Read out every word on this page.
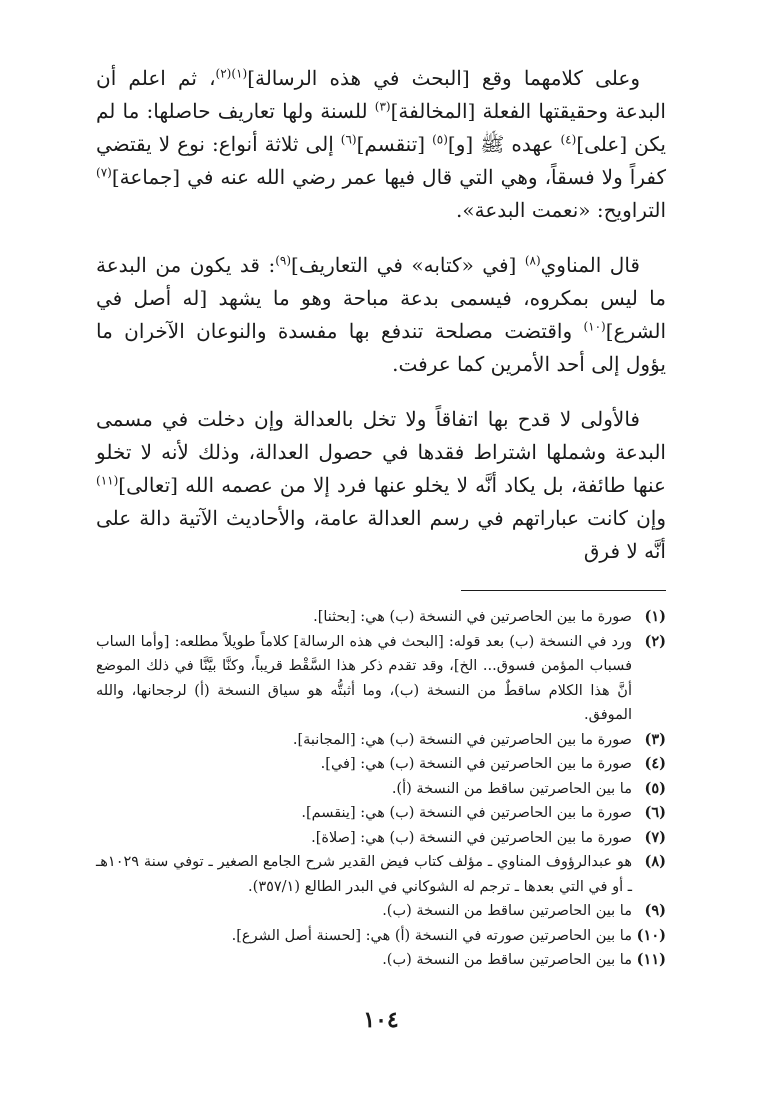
وعلى كلامهما وقع [البحث في هذه الرسالة]$^{(١)(٢)}$، ثم اعلم أن البدعة وحقيقتها الفعلة [المخالفة]$^{(٣)}$ للسنة ولها تعاريف حاصلها: ما لم يكن [على]$^{(٤)}$ عهده ﷺ [و]$^{(٥)}$ [تنقسم]$^{(٦)}$ إلى ثلاثة أنواع: نوع لا يقتضي كفراً ولا فسقاً، وهي التي قال فيها عمر رضي الله عنه في [جماعة]$^{(٧)}$ التراويح: «نعمت البدعة».

قال المناوي$^{(٨)}$ [في «كتابه» في التعاريف]$^{(٩)}$: قد يكون من البدعة ما ليس بمكروه، فيسمى بدعة مباحة وهو ما يشهد [له أصل في الشرع]$^{(١٠)}$ واقتضت مصلحة تندفع بها مفسدة والنوعان الآخران ما يؤول إلى أحد الأمرين كما عرفت.

فالأولى لا قدح بها اتفاقاً ولا تخل بالعدالة وإن دخلت في مسمى البدعة وشملها اشتراط فقدها في حصول العدالة، وذلك لأنه لا تخلو عنها طائفة، بل يكاد أنَّه لا يخلو عنها فرد إلا من عصمه الله [تعالى]$^{(١١)}$ وإن كانت عباراتهم في رسم العدالة عامة، والأحاديث الآتية دالة على أنَّه لا فرق

(١)
صورة ما بين الحاصرتين في النسخة (ب) هي: [بحثنا].
(٢)
ورد في النسخة (ب) بعد قوله: [البحث في هذه الرسالة] كلاماً طويلاً مطلعه: [وأما الساب فسباب المؤمن فسوق... الخ]، وقد تقدم ذكر هذا السَّقْط قريباً، وكنَّا بيَّنَّا في ذلك الموضع أنَّ هذا الكلام ساقطٌ من النسخة (ب)، وما أثبتُّه هو سياق النسخة (أ) لرجحانها، والله الموفق.
(٣)
صورة ما بين الحاصرتين في النسخة (ب) هي: [المجانبة].
(٤)
صورة ما بين الحاصرتين في النسخة (ب) هي: [في].
(٥)
ما بين الحاصرتين ساقط من النسخة (أ).
(٦)
صورة ما بين الحاصرتين في النسخة (ب) هي: [ينقسم].
(٧)
صورة ما بين الحاصرتين في النسخة (ب) هي: [صلاة].
(٨)
هو عبدالرؤوف المناوي ـ مؤلف كتاب فيض القدير شرح الجامع الصغير ـ توفي سنة ١٠٢٩هـ ـ أو في التي بعدها ـ ترجم له الشوكاني في البدر الطالع (٣٥٧/١).
(٩)
ما بين الحاصرتين ساقط من النسخة (ب).
(١٠)
ما بين الحاصرتين صورته في النسخة (أ) هي: [لحسنة أصل الشرع].
(١١)
ما بين الحاصرتين ساقط من النسخة (ب).
١٠٤
